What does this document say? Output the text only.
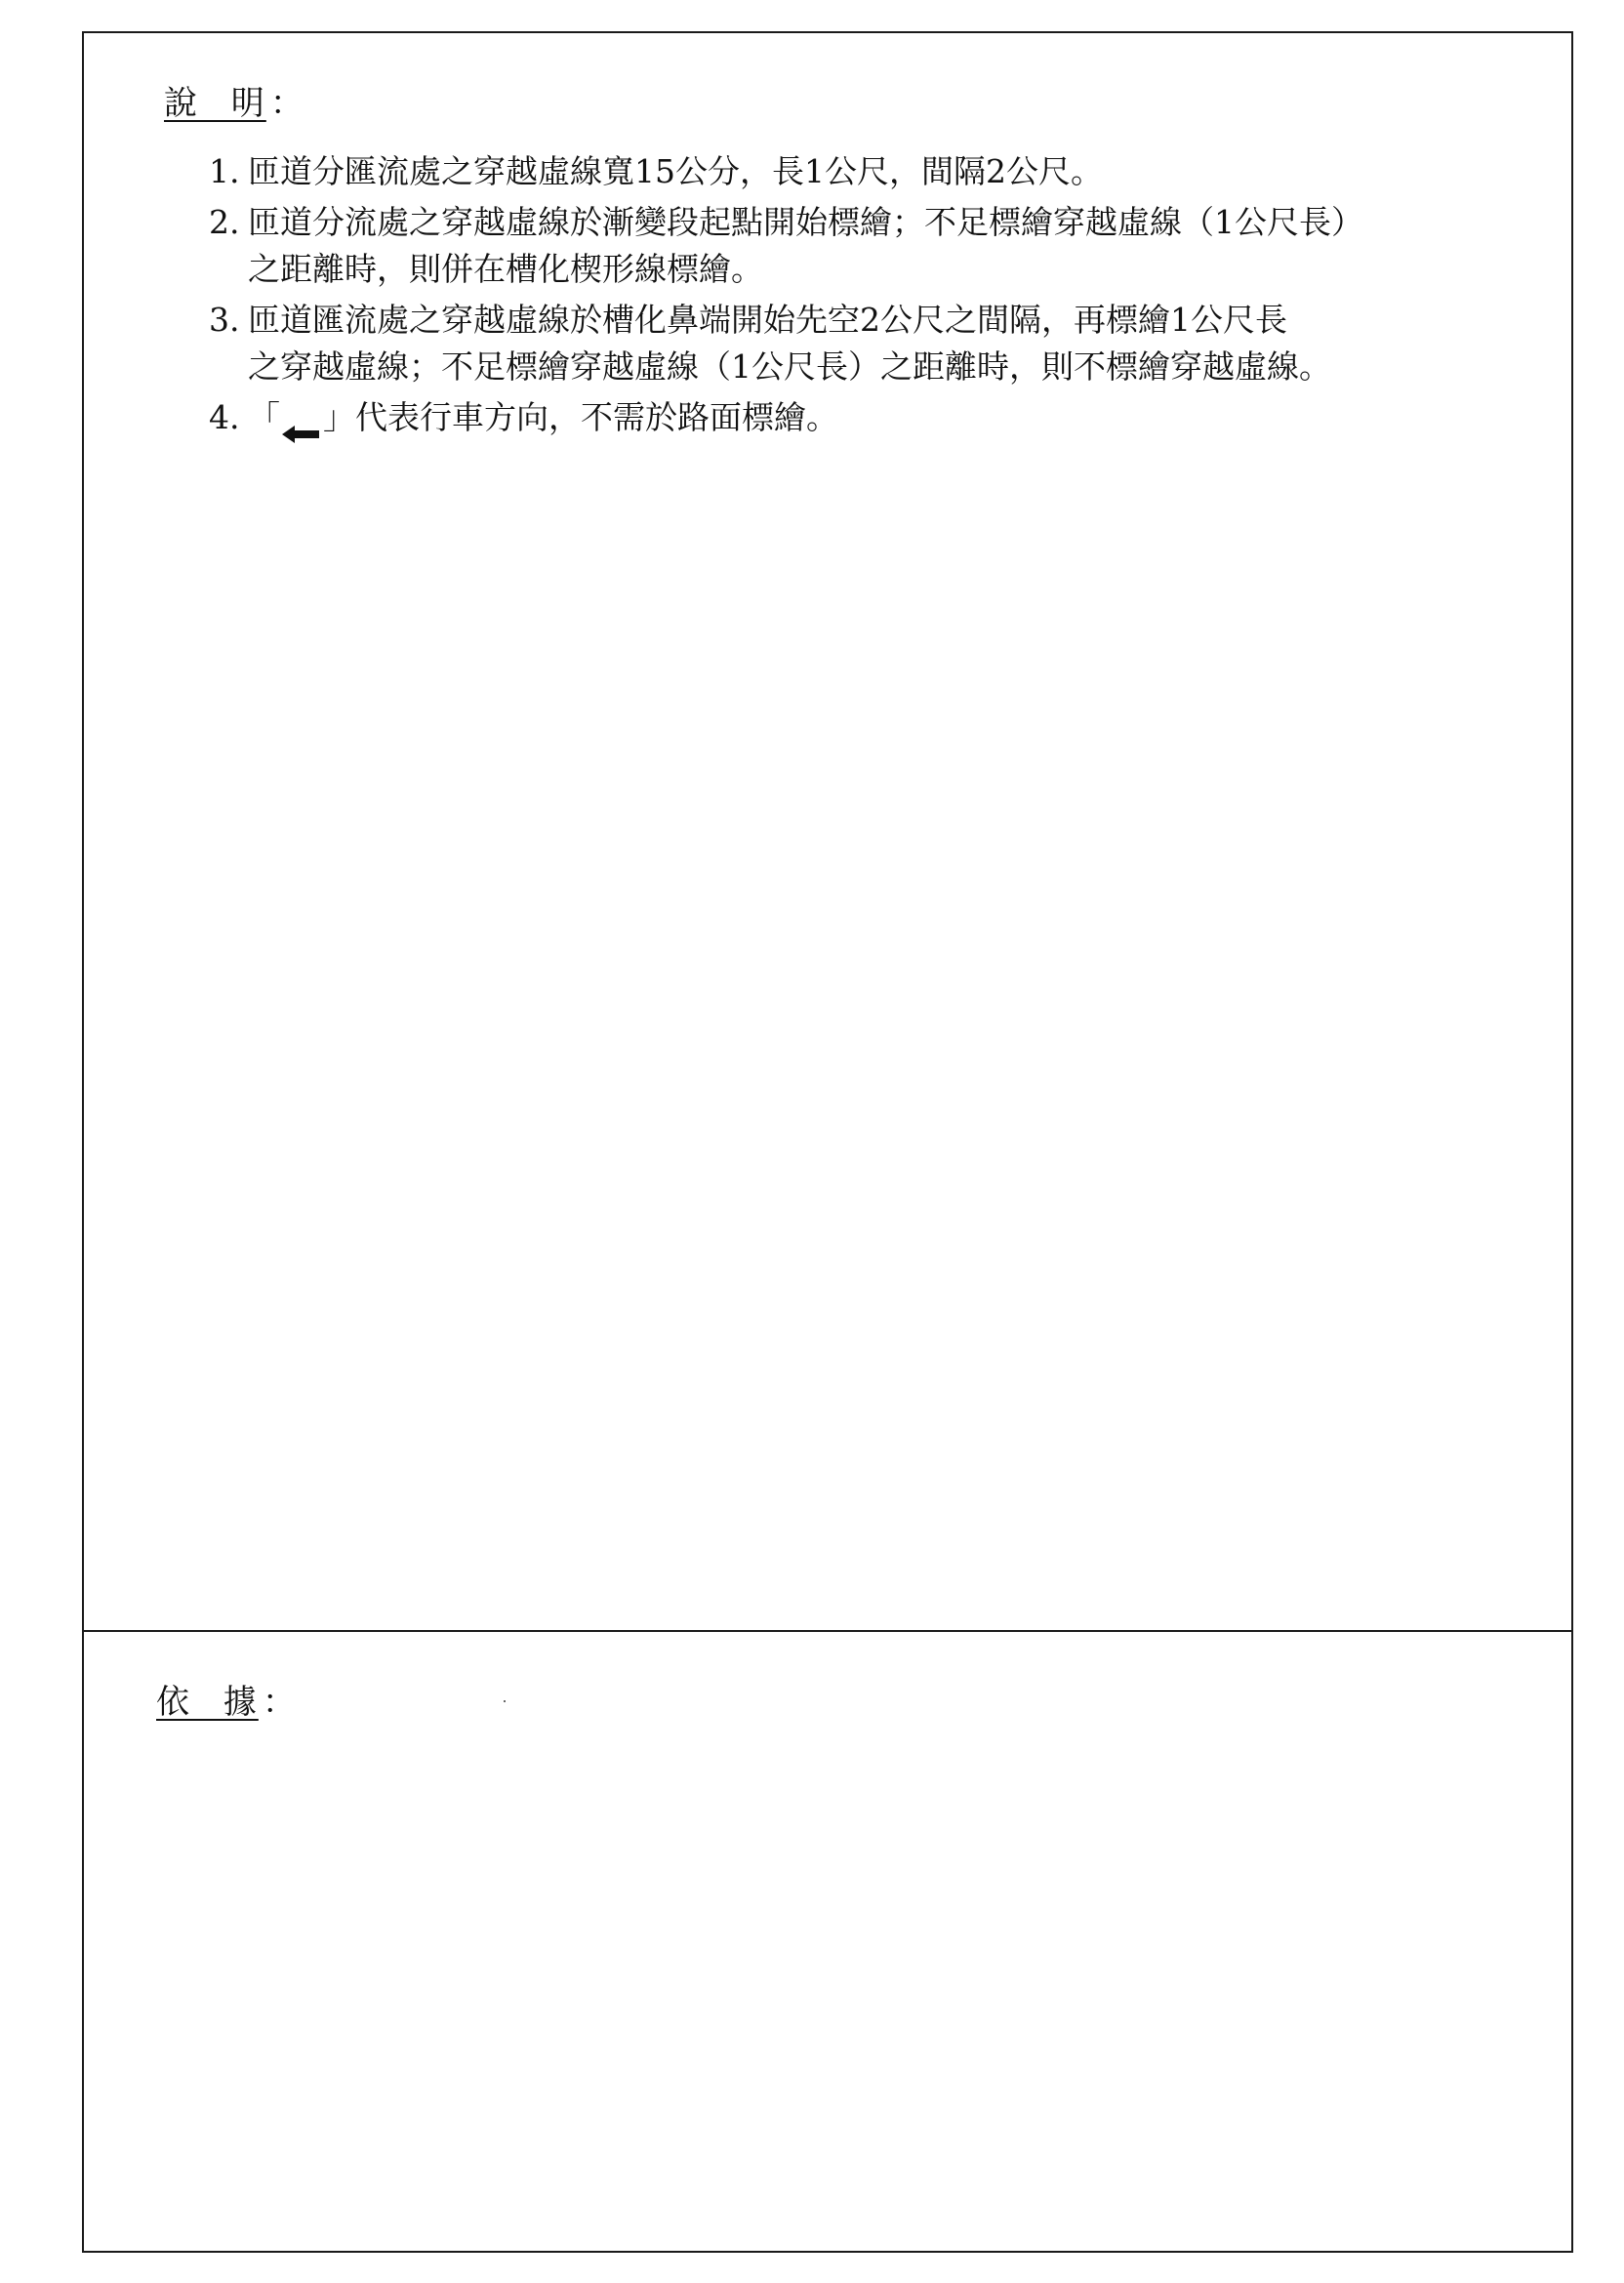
說 明 ：
1. 匝道分匯流處之穿越虛線寬15公分，長1公尺，間隔2公尺。
2. 匝道分流處之穿越虛線於漸變段起點開始標繪；不足標繪穿越虛線（1公尺長）
之距離時，則併在槽化楔形線標繪。
3. 匝道匯流處之穿越虛線於槽化鼻端開始先空2公尺之間隔，再標繪1公尺長
之穿越虛線；不足標繪穿越虛線（1公尺長）之距離時，則不標繪穿越虛線。
4. 「 」代表行車方向，不需於路面標繪。
依 據 ：
